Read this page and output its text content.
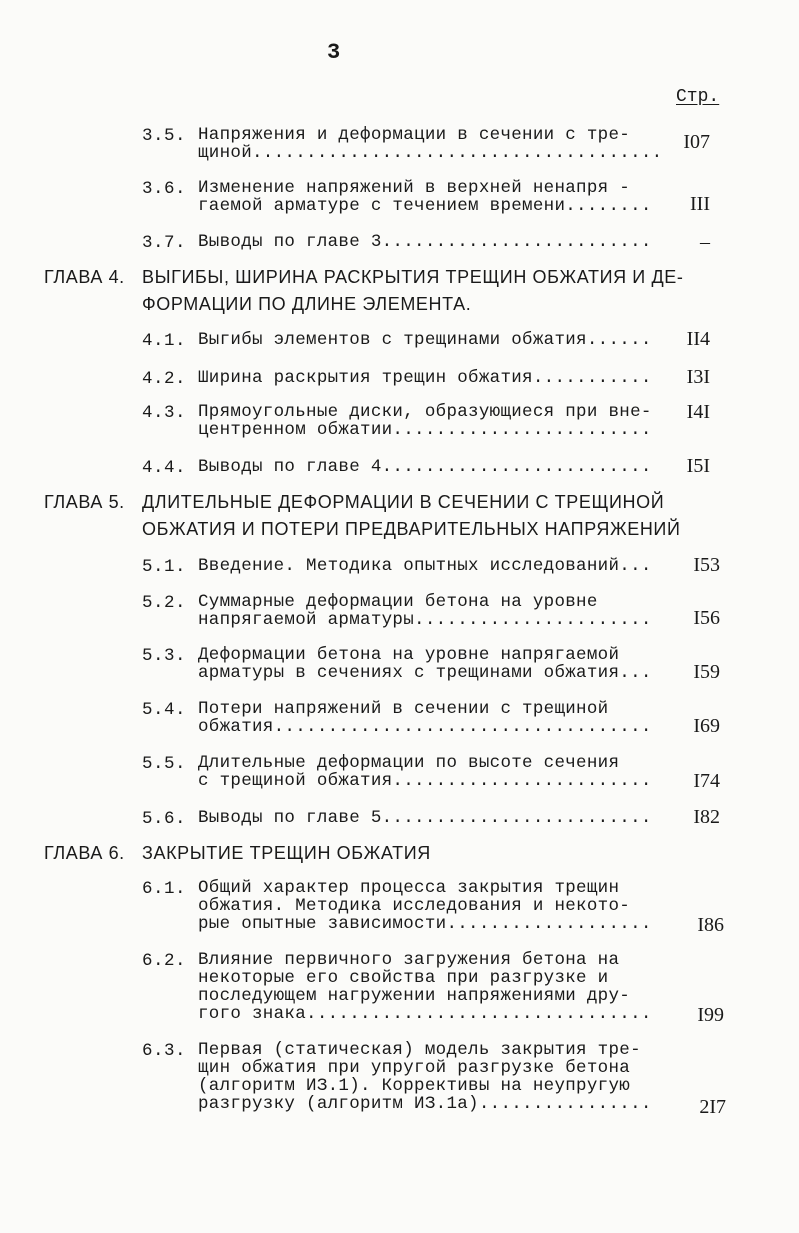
3
Стр.
3.5. Напряжения и деформации в сечении с тре-
щиной......................................	I07
3.6. Изменение напряжений в верхней ненапря -
гаемой арматуре с течением времени........	III
3.7. Выводы по главе 3.........................	–
ГЛАВА 4. ВЫГИБЫ, ШИРИНА РАСКРЫТИЯ ТРЕЩИН ОБЖАТИЯ И ДЕ-
ФОРМАЦИИ ПО ДЛИНЕ ЭЛЕМЕНТА.
4.1. Выгибы элементов с трещинами обжатия......	II4
4.2. Ширина раскрытия трещин обжатия...........	I3I
4.3. Прямоугольные диски, образующиеся при вне-
центренном обжатии........................
I4I
4.4. Выводы по главе 4.........................	I5I
ГЛАВА 5. ДЛИТЕЛЬНЫЕ ДЕФОРМАЦИИ В СЕЧЕНИИ С ТРЕЩИНОЙ
ОБЖАТИЯ И ПОТЕРИ ПРЕДВАРИТЕЛЬНЫХ НАПРЯЖЕНИЙ
5.1. Введение. Методика опытных исследований...	I53
5.2. Суммарные деформации бетона на уровне
напрягаемой арматуры......................	I56
5.3. Деформации бетона на уровне напрягаемой
арматуры в сечениях с трещинами обжатия...	I59
5.4. Потери напряжений в сечении с трещиной
обжатия...................................	I69
5.5. Длительные деформации по высоте сечения
с трещиной обжатия........................	I74
5.6. Выводы по главе 5.........................	I82
ГЛАВА 6. ЗАКРЫТИЕ ТРЕЩИН ОБЖАТИЯ
6.1. Общий характер процесса закрытия трещин
обжатия. Методика исследования и некото-
рые опытные зависимости...................	I86
6.2. Влияние первичного загружения бетона на
некоторые его свойства при разгрузке и
последующем нагружении напряжениями дру-
гого знака................................	I99
6.3. Первая (статическая) модель закрытия тре-
щин обжатия при упругой разгрузке бетона
(алгоритм ИЗ.1). Коррективы на неупругую
разгрузку (алгоритм ИЗ.1а)................	2I7
